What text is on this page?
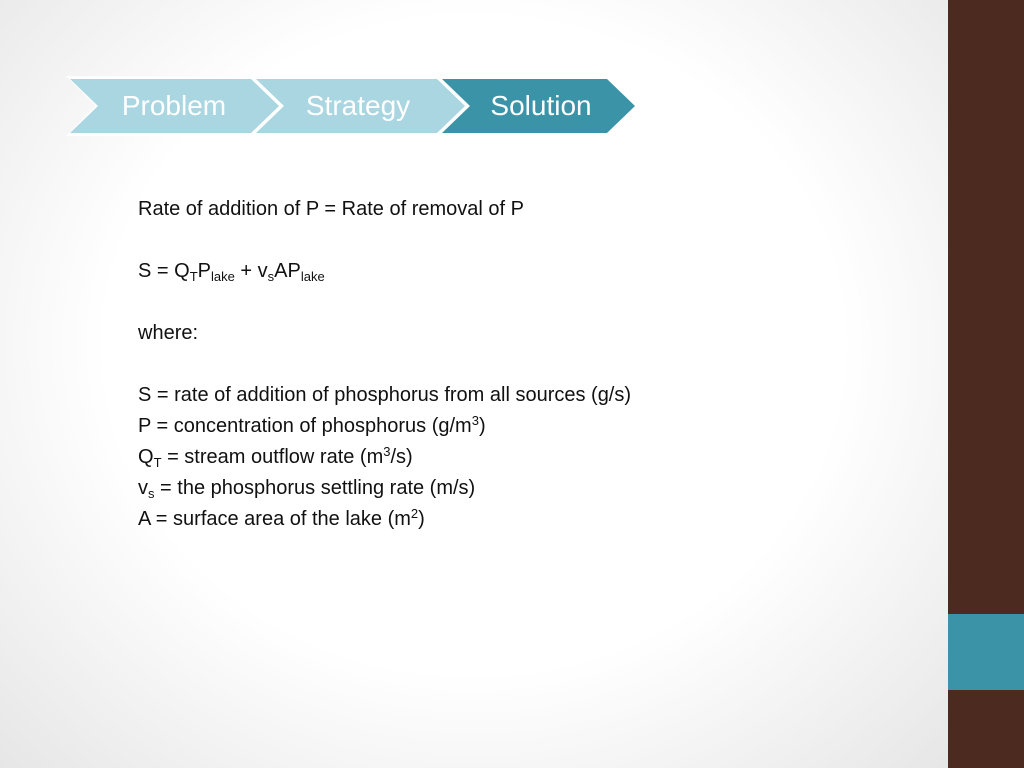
Problem	Strategy	Solution
Rate of addition of P = Rate of removal of P
$S = Q_TP_{lake} + v_sAP_{lake}$
where:
S = rate of addition of phosphorus from all sources (g/s)
P = concentration of phosphorus $(g/m^3)$
$Q_T$ = stream outflow rate $(m^3/s)$
$v_s$ = the phosphorus settling rate (m/s)
A = surface area of the lake $(m^2)$
